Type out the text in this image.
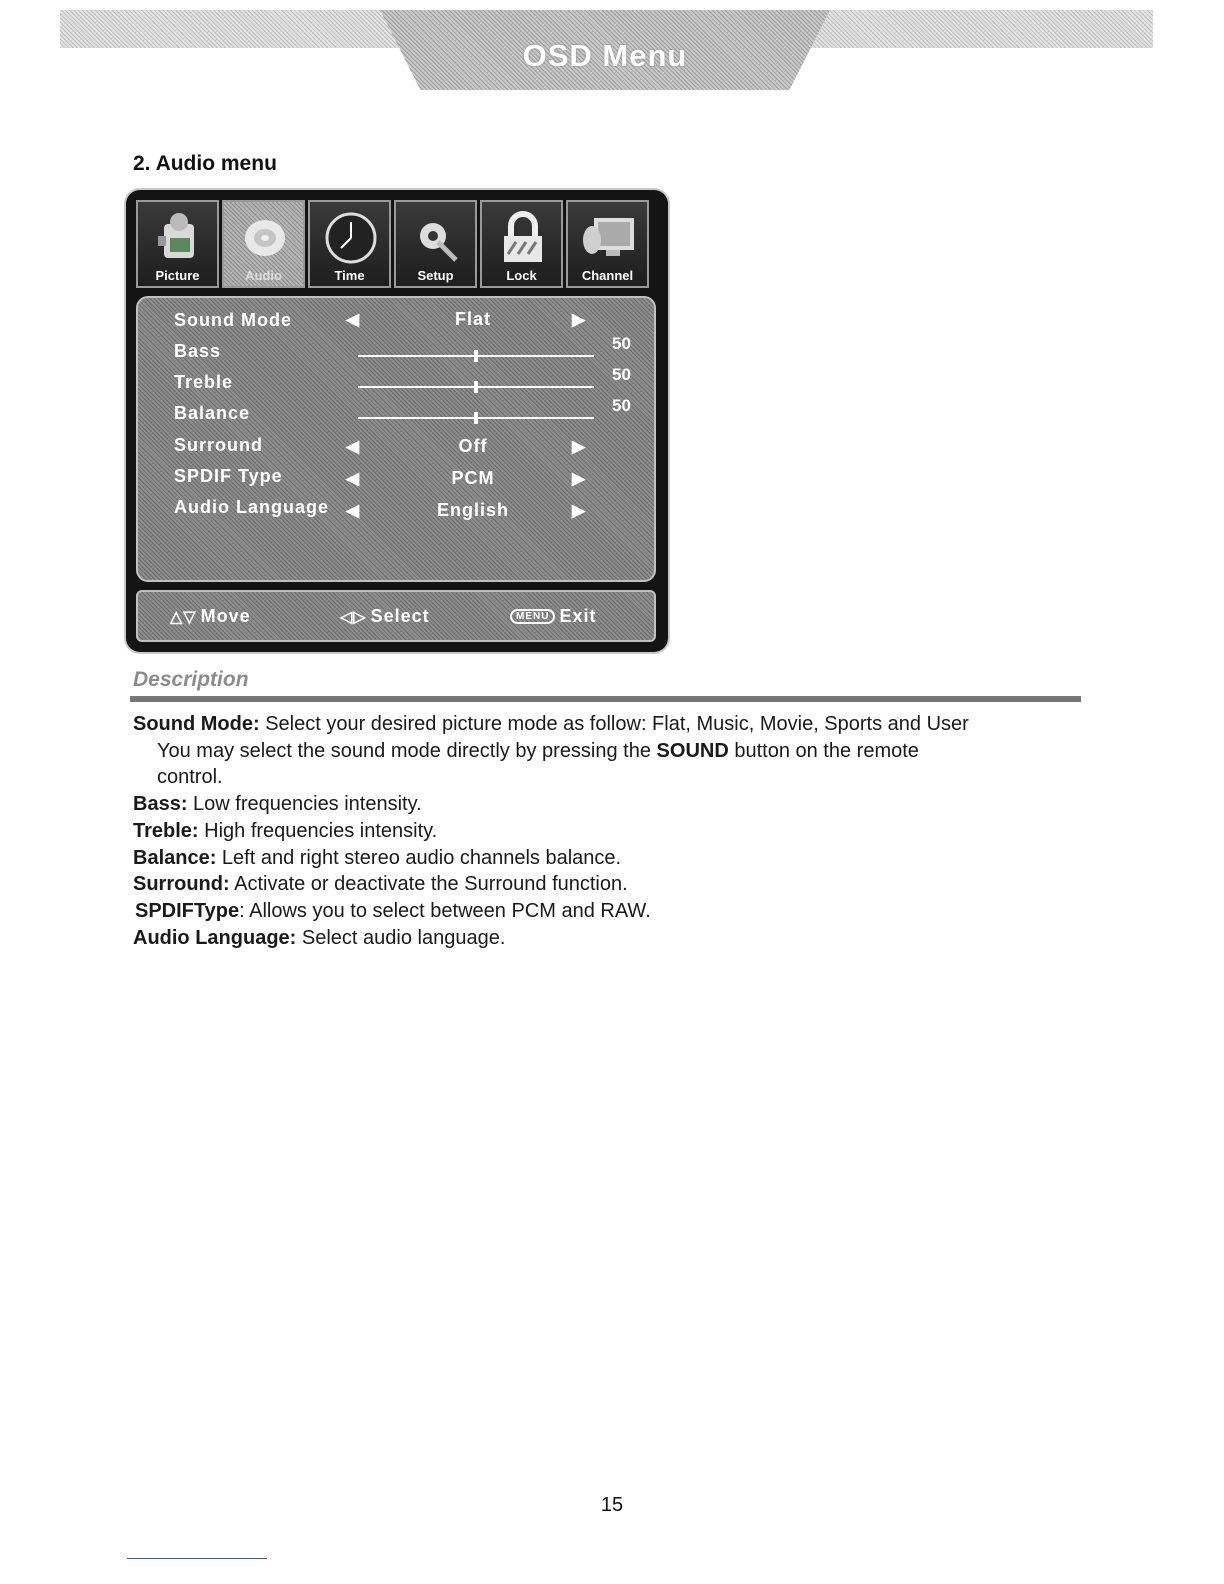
OSD Menu
2. Audio menu
Picture	Audio	Time	Setup	Lock	Channel
Sound Mode	◀	Flat	▶
Bass	50
Treble	50
Balance	50
Surround	◀	Off	▶
SPDIF Type	◀	PCM	▶
Audio Language ◀	English	▶
△▽ Move	◁▷ Select	MENU Exit
Description

Sound Mode: Select your desired picture mode as follow: Flat, Music, Movie, Sports and User

You may select the sound mode directly by pressing the SOUND button on the remote

control.

Bass: Low frequencies intensity.

Treble: High frequencies intensity.

Balance: Left and right stereo audio channels balance.

Surround: Activate or deactivate the Surround function.

SPDIFType: Allows you to select between PCM and RAW.

Audio Language: Select audio language.

15
